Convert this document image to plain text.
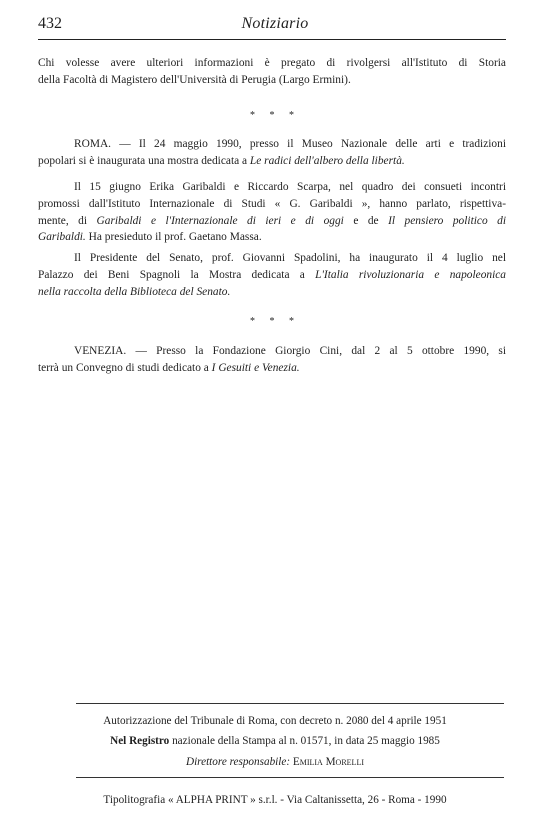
432	Notiziario
Chi volesse avere ulteriori informazioni è pregato di rivolgersi all'Istituto di Storia
della Facoltà di Magistero dell'Università di Perugia (Largo Ermini).
* * *
ROMA. — Il 24 maggio 1990, presso il Museo Nazionale delle arti e tradizioni
popolari si è inaugurata una mostra dedicata a Le radici dell'albero della libertà.
Il 15 giugno Erika Garibaldi e Riccardo Scarpa, nel quadro dei consueti incontri
promossi dall'Istituto Internazionale di Studi « G. Garibaldi », hanno parlato, rispettiva-
mente, di Garibaldi e l'Internazionale di ieri e di oggi e de Il pensiero politico di
Garibaldi. Ha presieduto il prof. Gaetano Massa.
Il Presidente del Senato, prof. Giovanni Spadolini, ha inaugurato il 4 luglio nel
Palazzo dei Beni Spagnoli la Mostra dedicata a L'Italia rivoluzionaria e napoleonica
nella raccolta della Biblioteca del Senato.
* * *
VENEZIA. — Presso la Fondazione Giorgio Cini, dal 2 al 5 ottobre 1990, si
terrà un Convegno di studi dedicato a I Gesuiti e Venezia.
Autorizzazione del Tribunale di Roma, con decreto n. 2080 del 4 aprile 1951
Nel Registro nazionale della Stampa al n. 01571, in data 25 maggio 1985
Direttore responsabile: Emilia Morelli
Tipolitografia « ALPHA PRINT » s.r.l. - Via Caltanissetta, 26 - Roma - 1990
